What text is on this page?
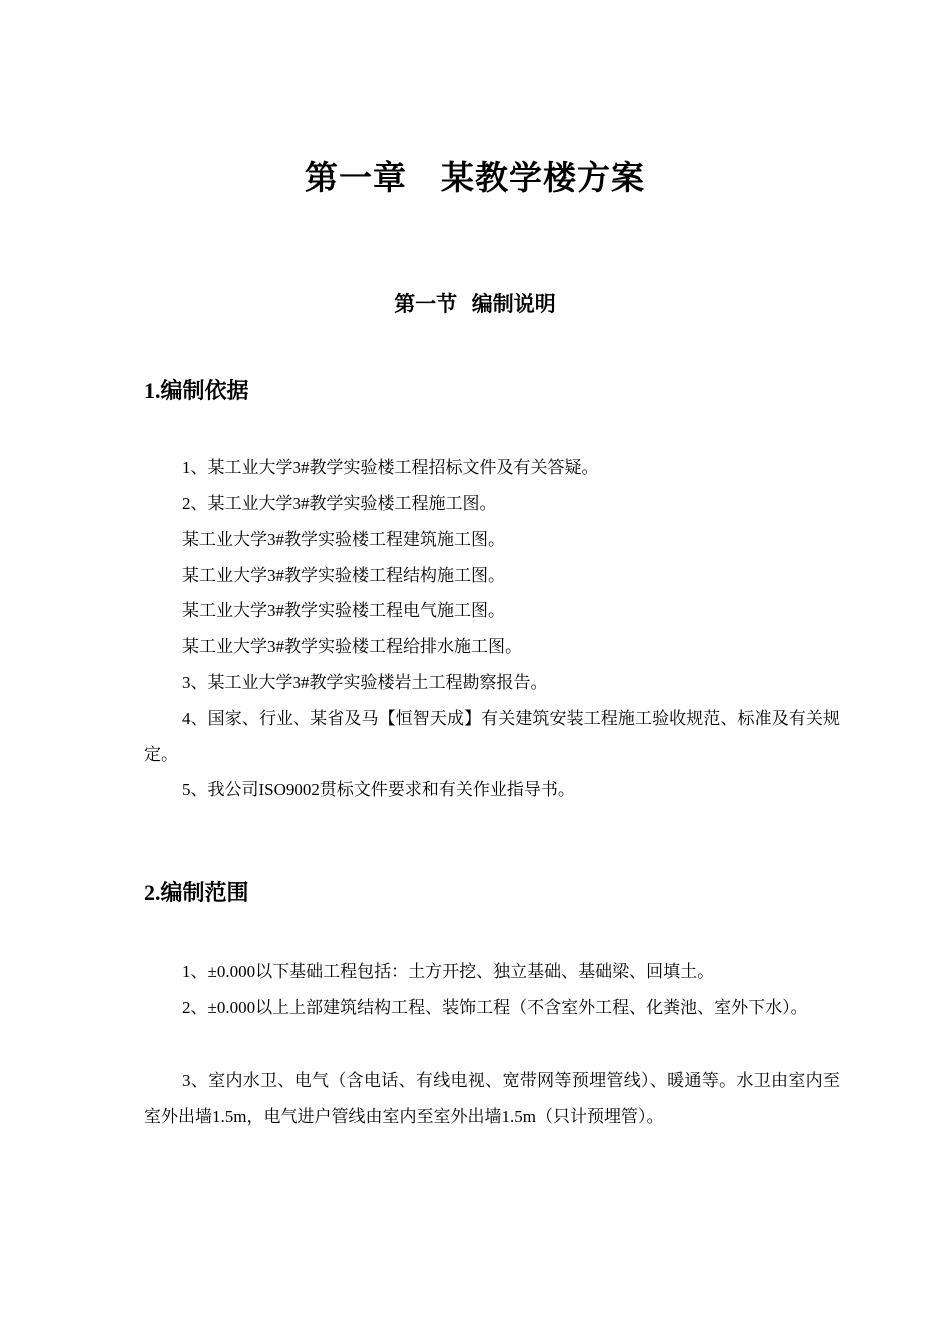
第一章　某教学楼方案
第一节  编制说明
1.编制依据
1、某工业大学3#教学实验楼工程招标文件及有关答疑。
2、某工业大学3#教学实验楼工程施工图。
某工业大学3#教学实验楼工程建筑施工图。
某工业大学3#教学实验楼工程结构施工图。
某工业大学3#教学实验楼工程电气施工图。
某工业大学3#教学实验楼工程给排水施工图。
3、某工业大学3#教学实验楼岩土工程勘察报告。
4、国家、行业、某省及马【恒智天成】有关建筑安装工程施工验收规范、标准及有关规定。
5、我公司ISO9002贯标文件要求和有关作业指导书。
2.编制范围
1、±0.000以下基础工程包括：土方开挖、独立基础、基础梁、回填土。
2、±0.000以上上部建筑结构工程、装饰工程（不含室外工程、化粪池、室外下水）。
3、室内水卫、电气（含电话、有线电视、宽带网等预埋管线）、暖通等。水卫由室内至室外出墙1.5m，电气进户管线由室内至室外出墙1.5m（只计预埋管）。
